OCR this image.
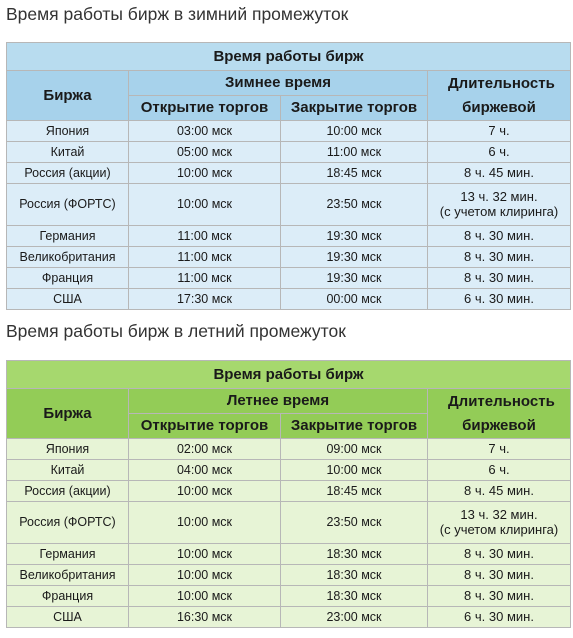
Время работы бирж в зимний промежуток
Время работы бирж			
Биржа	Зимнее время		Длительность биржевой

	Открытие торгов	Закрытие торгов	
Япония	03:00 мск	10:00 мск	7 ч.

Китай	05:00 мск	11:00 мск	6 ч.

Россия (акции)	10:00 мск	18:45 мск	8 ч. 45 мин.

Россия (ФОРТС)	10:00 мск	23:50 мск	13 ч. 32 мин.
(с учетом клиринга)

Германия	11:00 мск	19:30 мск	8 ч. 30 мин.

Великобритания	11:00 мск	19:30 мск	8 ч. 30 мин.

Франция	11:00 мск	19:30 мск	8 ч. 30 мин.

США	17:30 мск	00:00 мск	6 ч. 30 мин.
Время работы бирж в летний промежуток
Время работы бирж			
Биржа	Летнее время		Длительность биржевой

	Открытие торгов	Закрытие торгов	
Япония	02:00 мск	09:00 мск	7 ч.

Китай	04:00 мск	10:00 мск	6 ч.

Россия (акции)	10:00 мск	18:45 мск	8 ч. 45 мин.

Россия (ФОРТС)	10:00 мск	23:50 мск	13 ч. 32 мин.
(с учетом клиринга)

Германия	10:00 мск	18:30 мск	8 ч. 30 мин.

Великобритания	10:00 мск	18:30 мск	8 ч. 30 мин.

Франция	10:00 мск	18:30 мск	8 ч. 30 мин.

США	16:30 мск	23:00 мск	6 ч. 30 мин.
